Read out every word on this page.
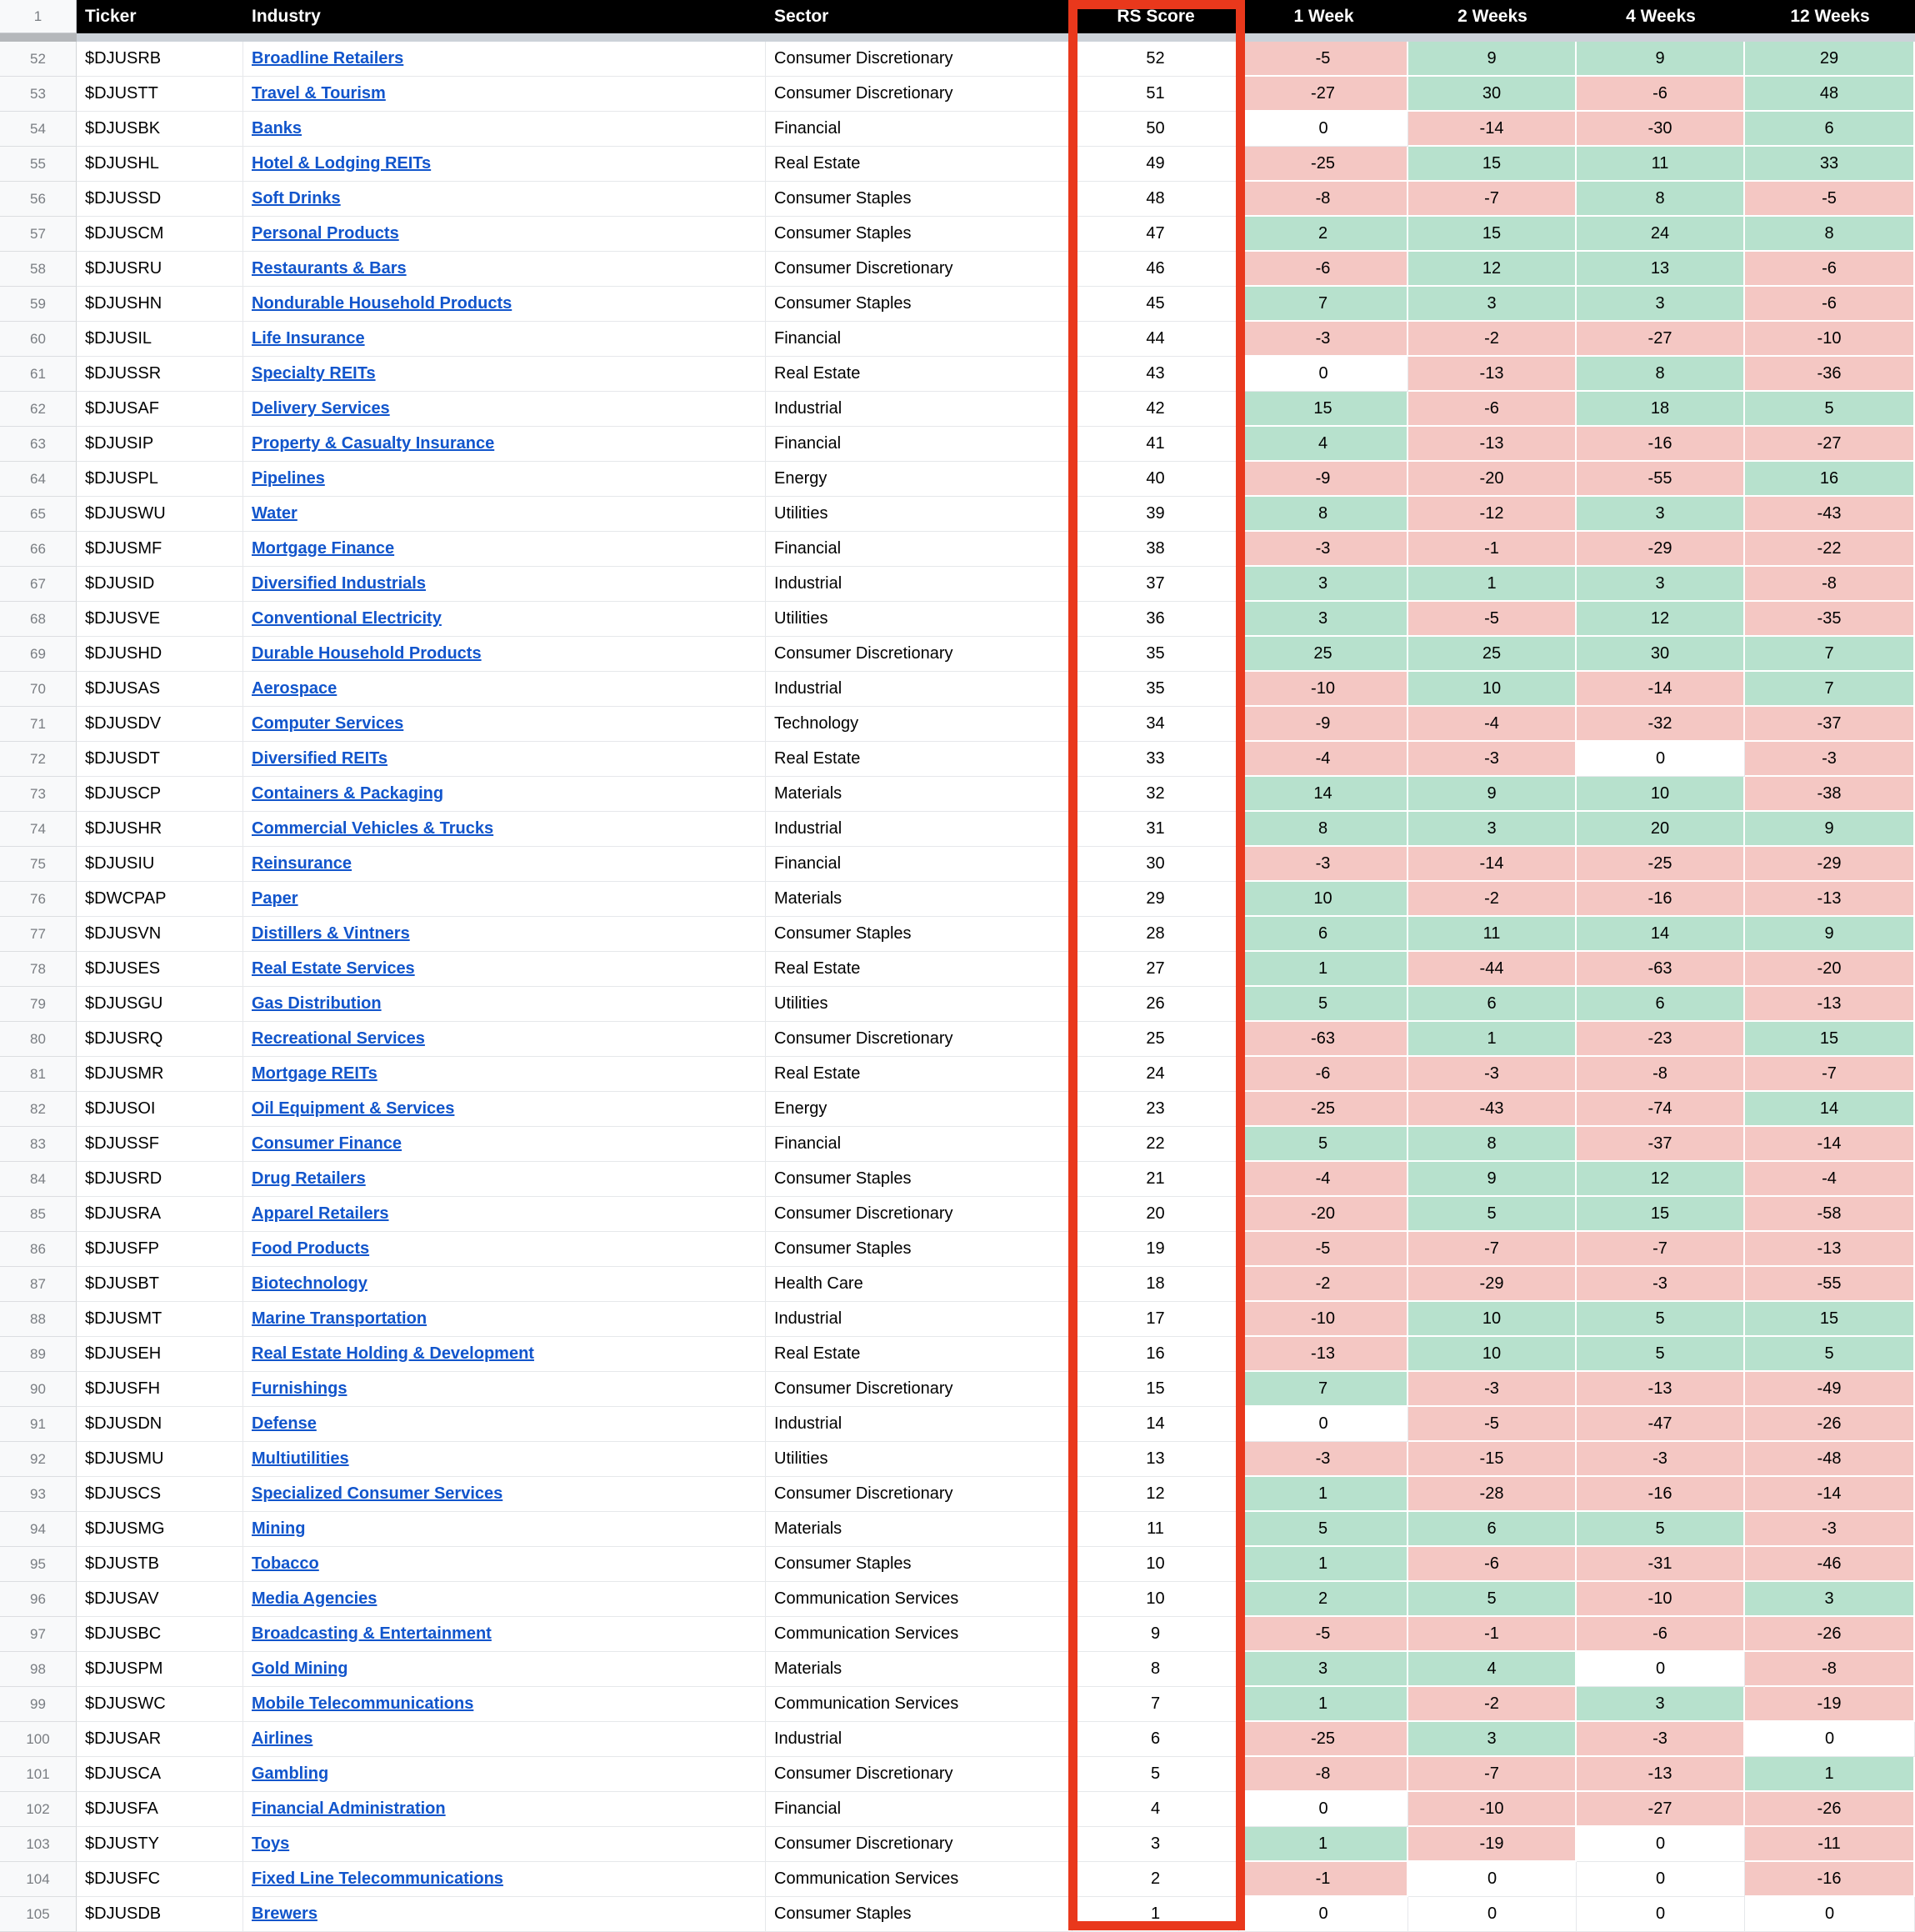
1	Ticker	Industry	Sector	RS Score	1 Week	2 Weeks	4 Weeks	12 Weeks
52	$DJUSRB	Broadline Retailers	Consumer Discretionary	52	-5	9	9	29
53	$DJUSTT	Travel & Tourism	Consumer Discretionary	51	-27	30	-6	48
54	$DJUSBK	Banks	Financial	50	0	-14	-30	6
55	$DJUSHL	Hotel & Lodging REITs	Real Estate	49	-25	15	11	33
56	$DJUSSD	Soft Drinks	Consumer Staples	48	-8	-7	8	-5
57	$DJUSCM	Personal Products	Consumer Staples	47	2	15	24	8
58	$DJUSRU	Restaurants & Bars	Consumer Discretionary	46	-6	12	13	-6
59	$DJUSHN	Nondurable Household Products	Consumer Staples	45	7	3	3	-6
60	$DJUSIL	Life Insurance	Financial	44	-3	-2	-27	-10
61	$DJUSSR	Specialty REITs	Real Estate	43	0	-13	8	-36
62	$DJUSAF	Delivery Services	Industrial	42	15	-6	18	5
63	$DJUSIP	Property & Casualty Insurance	Financial	41	4	-13	-16	-27
64	$DJUSPL	Pipelines	Energy	40	-9	-20	-55	16
65	$DJUSWU	Water	Utilities	39	8	-12	3	-43
66	$DJUSMF	Mortgage Finance	Financial	38	-3	-1	-29	-22
67	$DJUSID	Diversified Industrials	Industrial	37	3	1	3	-8
68	$DJUSVE	Conventional Electricity	Utilities	36	3	-5	12	-35
69	$DJUSHD	Durable Household Products	Consumer Discretionary	35	25	25	30	7
70	$DJUSAS	Aerospace	Industrial	35	-10	10	-14	7
71	$DJUSDV	Computer Services	Technology	34	-9	-4	-32	-37
72	$DJUSDT	Diversified REITs	Real Estate	33	-4	-3	0	-3
73	$DJUSCP	Containers & Packaging	Materials	32	14	9	10	-38
74	$DJUSHR	Commercial Vehicles & Trucks	Industrial	31	8	3	20	9
75	$DJUSIU	Reinsurance	Financial	30	-3	-14	-25	-29
76	$DWCPAP	Paper	Materials	29	10	-2	-16	-13
77	$DJUSVN	Distillers & Vintners	Consumer Staples	28	6	11	14	9
78	$DJUSES	Real Estate Services	Real Estate	27	1	-44	-63	-20
79	$DJUSGU	Gas Distribution	Utilities	26	5	6	6	-13
80	$DJUSRQ	Recreational Services	Consumer Discretionary	25	-63	1	-23	15
81	$DJUSMR	Mortgage REITs	Real Estate	24	-6	-3	-8	-7
82	$DJUSOI	Oil Equipment & Services	Energy	23	-25	-43	-74	14
83	$DJUSSF	Consumer Finance	Financial	22	5	8	-37	-14
84	$DJUSRD	Drug Retailers	Consumer Staples	21	-4	9	12	-4
85	$DJUSRA	Apparel Retailers	Consumer Discretionary	20	-20	5	15	-58
86	$DJUSFP	Food Products	Consumer Staples	19	-5	-7	-7	-13
87	$DJUSBT	Biotechnology	Health Care	18	-2	-29	-3	-55
88	$DJUSMT	Marine Transportation	Industrial	17	-10	10	5	15
89	$DJUSEH	Real Estate Holding & Development	Real Estate	16	-13	10	5	5
90	$DJUSFH	Furnishings	Consumer Discretionary	15	7	-3	-13	-49
91	$DJUSDN	Defense	Industrial	14	0	-5	-47	-26
92	$DJUSMU	Multiutilities	Utilities	13	-3	-15	-3	-48
93	$DJUSCS	Specialized Consumer Services	Consumer Discretionary	12	1	-28	-16	-14
94	$DJUSMG	Mining	Materials	11	5	6	5	-3
95	$DJUSTB	Tobacco	Consumer Staples	10	1	-6	-31	-46
96	$DJUSAV	Media Agencies	Communication Services	10	2	5	-10	3
97	$DJUSBC	Broadcasting & Entertainment	Communication Services	9	-5	-1	-6	-26
98	$DJUSPM	Gold Mining	Materials	8	3	4	0	-8
99	$DJUSWC	Mobile Telecommunications	Communication Services	7	1	-2	3	-19
100	$DJUSAR	Airlines	Industrial	6	-25	3	-3	0
101	$DJUSCA	Gambling	Consumer Discretionary	5	-8	-7	-13	1
102	$DJUSFA	Financial Administration	Financial	4	0	-10	-27	-26
103	$DJUSTY	Toys	Consumer Discretionary	3	1	-19	0	-11
104	$DJUSFC	Fixed Line Telecommunications	Communication Services	2	-1	0	0	-16
105	$DJUSDB	Brewers	Consumer Staples	1	0	0	0	0
